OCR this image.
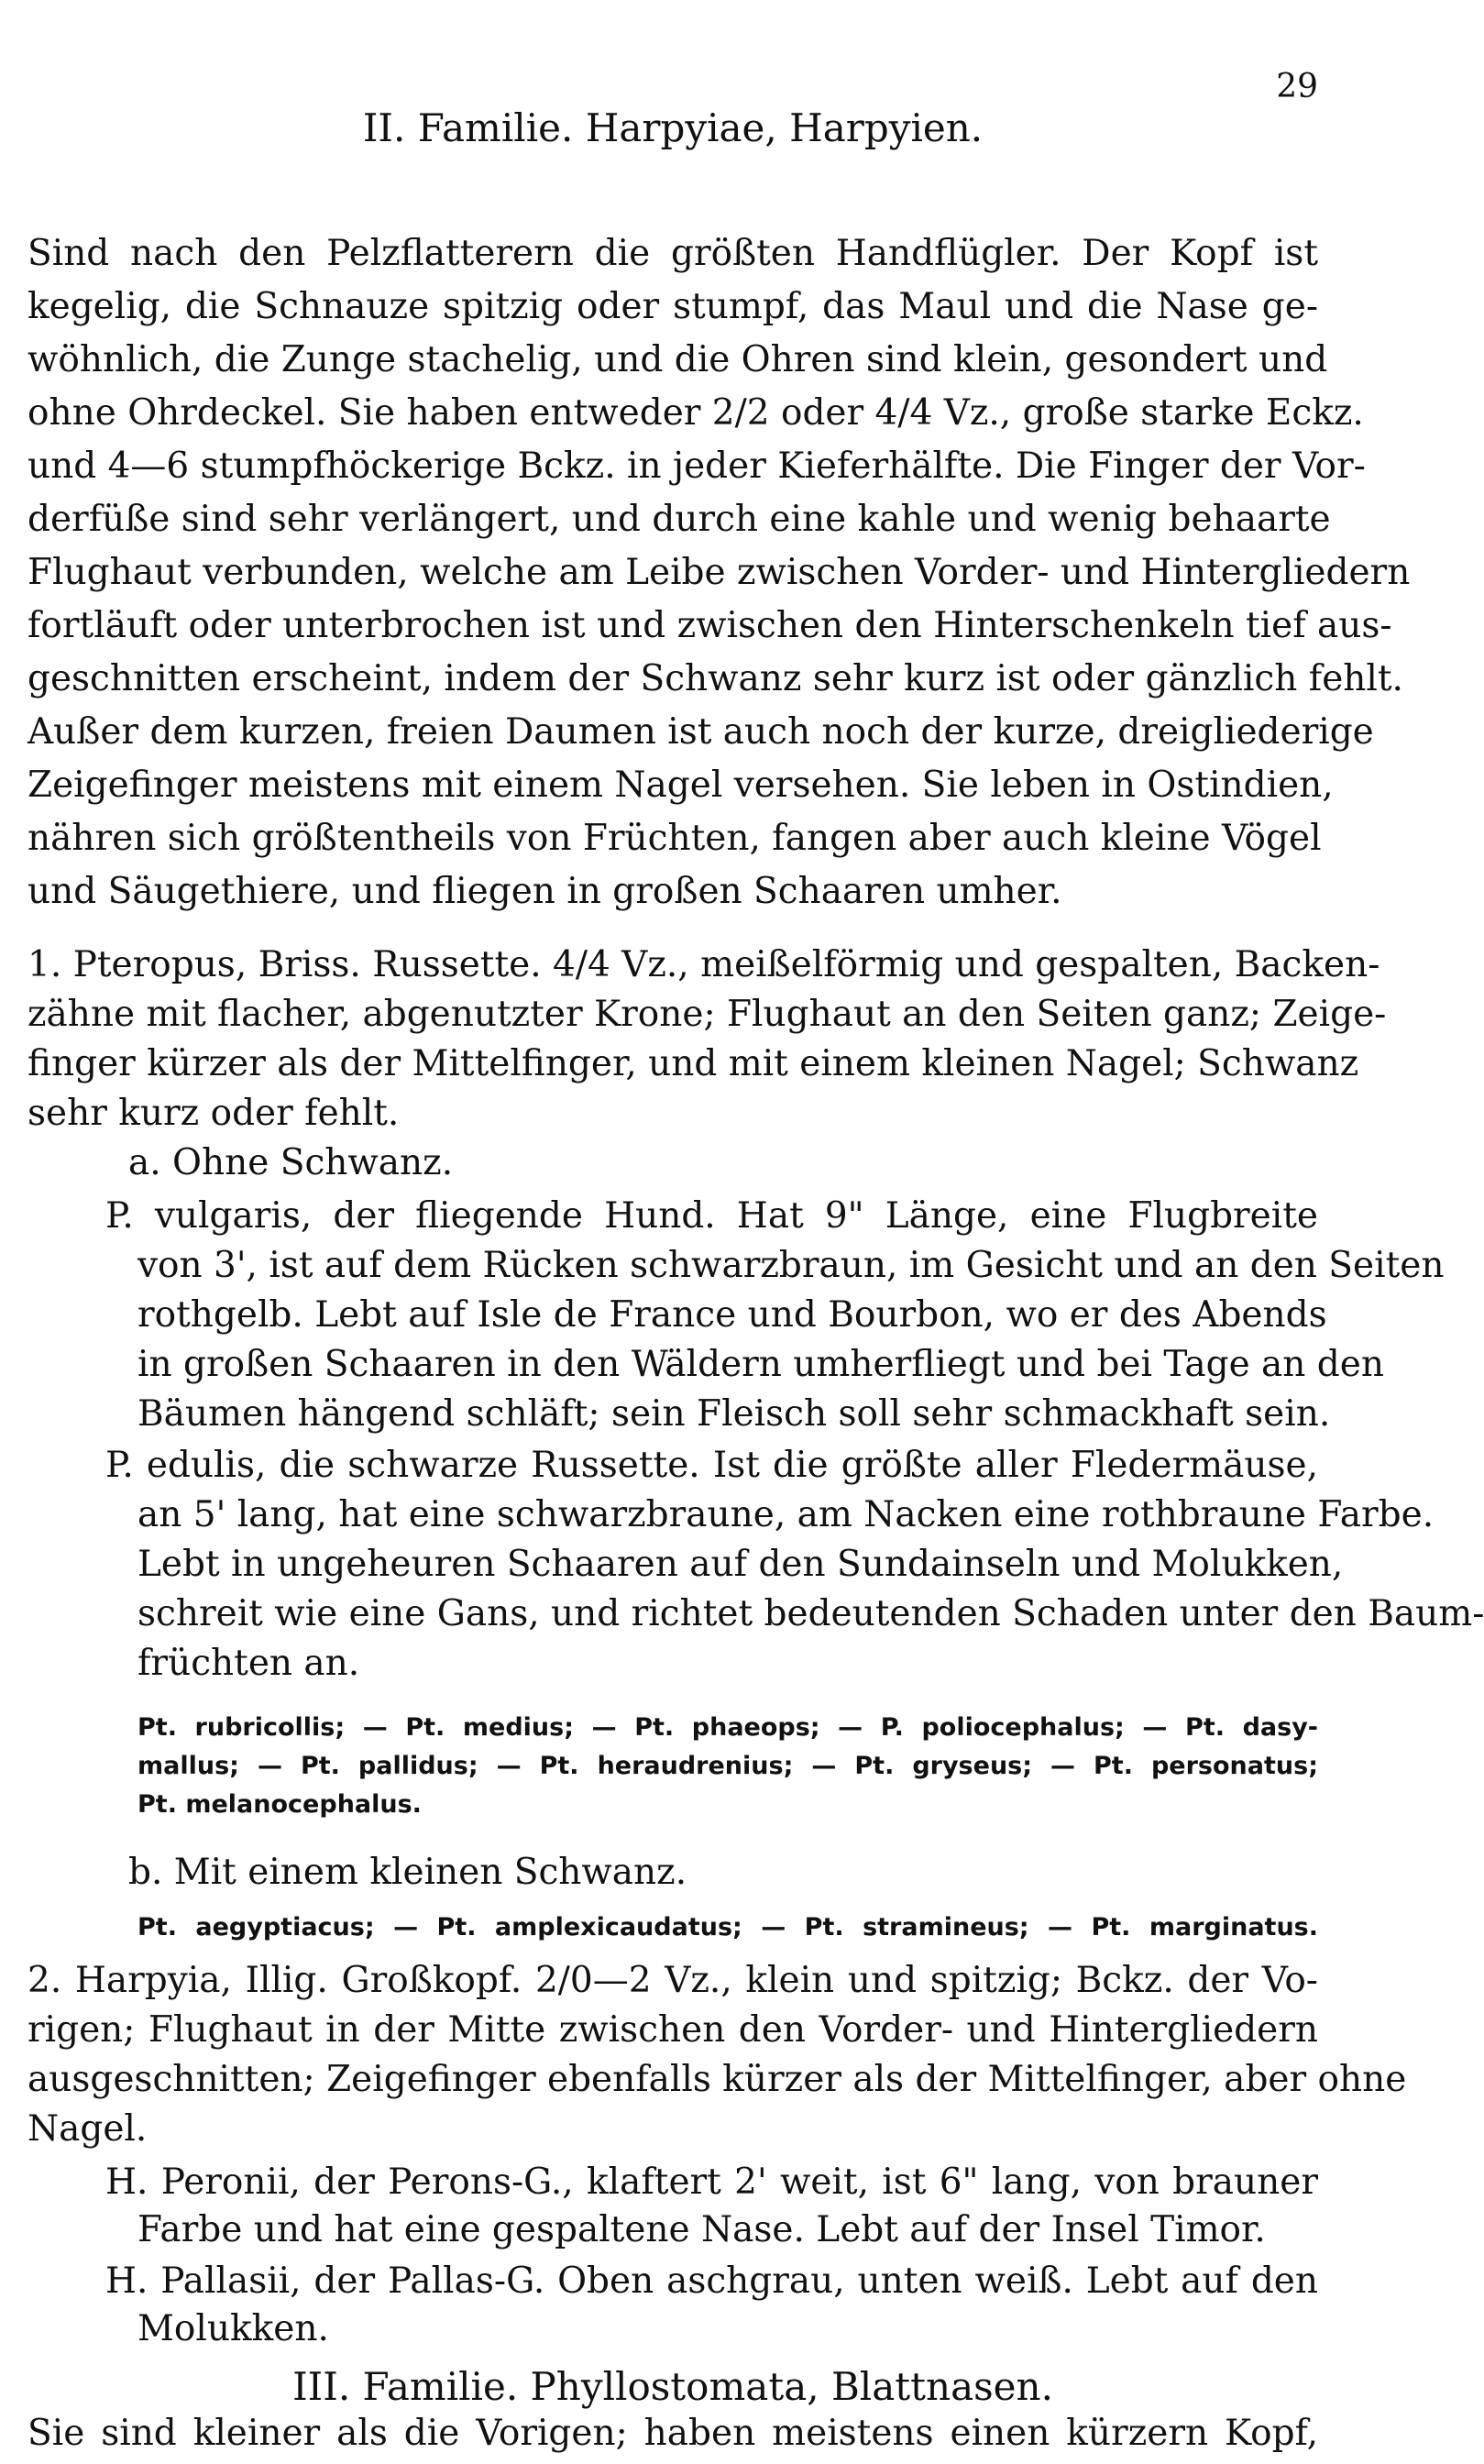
29
II. Familie. Harpyiae, Harpyien.
Sind nach den Pelzflatterern die größten Handflügler. Der Kopf ist
kegelig, die Schnauze spitzig oder stumpf, das Maul und die Nase ge-
wöhnlich, die Zunge stachelig, und die Ohren sind klein, gesondert und
ohne Ohrdeckel. Sie haben entweder 2/2 oder 4/4 Vz., große starke Eckz.
und 4—6 stumpfhöckerige Bckz. in jeder Kieferhälfte. Die Finger der Vor-
derfüße sind sehr verlängert, und durch eine kahle und wenig behaarte
Flughaut verbunden, welche am Leibe zwischen Vorder- und Hintergliedern
fortläuft oder unterbrochen ist und zwischen den Hinterschenkeln tief aus-
geschnitten erscheint, indem der Schwanz sehr kurz ist oder gänzlich fehlt.
Außer dem kurzen, freien Daumen ist auch noch der kurze, dreigliederige
Zeigefinger meistens mit einem Nagel versehen. Sie leben in Ostindien,
nähren sich größtentheils von Früchten, fangen aber auch kleine Vögel
und Säugethiere, und fliegen in großen Schaaren umher.
1. Pteropus, Briss. Russette. 4/4 Vz., meißelförmig und gespalten, Backen-
zähne mit flacher, abgenutzter Krone; Flughaut an den Seiten ganz; Zeige-
finger kürzer als der Mittelfinger, und mit einem kleinen Nagel; Schwanz
sehr kurz oder fehlt.
a. Ohne Schwanz.
P. vulgaris, der fliegende Hund. Hat 9" Länge, eine Flugbreite
von 3', ist auf dem Rücken schwarzbraun, im Gesicht und an den Seiten
rothgelb. Lebt auf Isle de France und Bourbon, wo er des Abends
in großen Schaaren in den Wäldern umherfliegt und bei Tage an den
Bäumen hängend schläft; sein Fleisch soll sehr schmackhaft sein.
P. edulis, die schwarze Russette. Ist die größte aller Fledermäuse,
an 5' lang, hat eine schwarzbraune, am Nacken eine rothbraune Farbe.
Lebt in ungeheuren Schaaren auf den Sundainseln und Molukken,
schreit wie eine Gans, und richtet bedeutenden Schaden unter den Baum-
früchten an.
Pt. rubricollis; — Pt. medius; — Pt. phaeops; — P. poliocephalus; — Pt. dasy-
mallus; — Pt. pallidus; — Pt. heraudrenius; — Pt. gryseus; — Pt. personatus;
Pt. melanocephalus.
b. Mit einem kleinen Schwanz.
Pt. aegyptiacus; — Pt. amplexicaudatus; — Pt. stramineus; — Pt. marginatus.
2. Harpyia, Illig. Großkopf. 2/0—2 Vz., klein und spitzig; Bckz. der Vo-
rigen; Flughaut in der Mitte zwischen den Vorder- und Hintergliedern
ausgeschnitten; Zeigefinger ebenfalls kürzer als der Mittelfinger, aber ohne
Nagel.
H. Peronii, der Perons-G., klaftert 2' weit, ist 6" lang, von brauner
Farbe und hat eine gespaltene Nase. Lebt auf der Insel Timor.
H. Pallasii, der Pallas-G. Oben aschgrau, unten weiß. Lebt auf den
Molukken.
III. Familie. Phyllostomata, Blattnasen.
Sie sind kleiner als die Vorigen; haben meistens einen kürzern Kopf,
